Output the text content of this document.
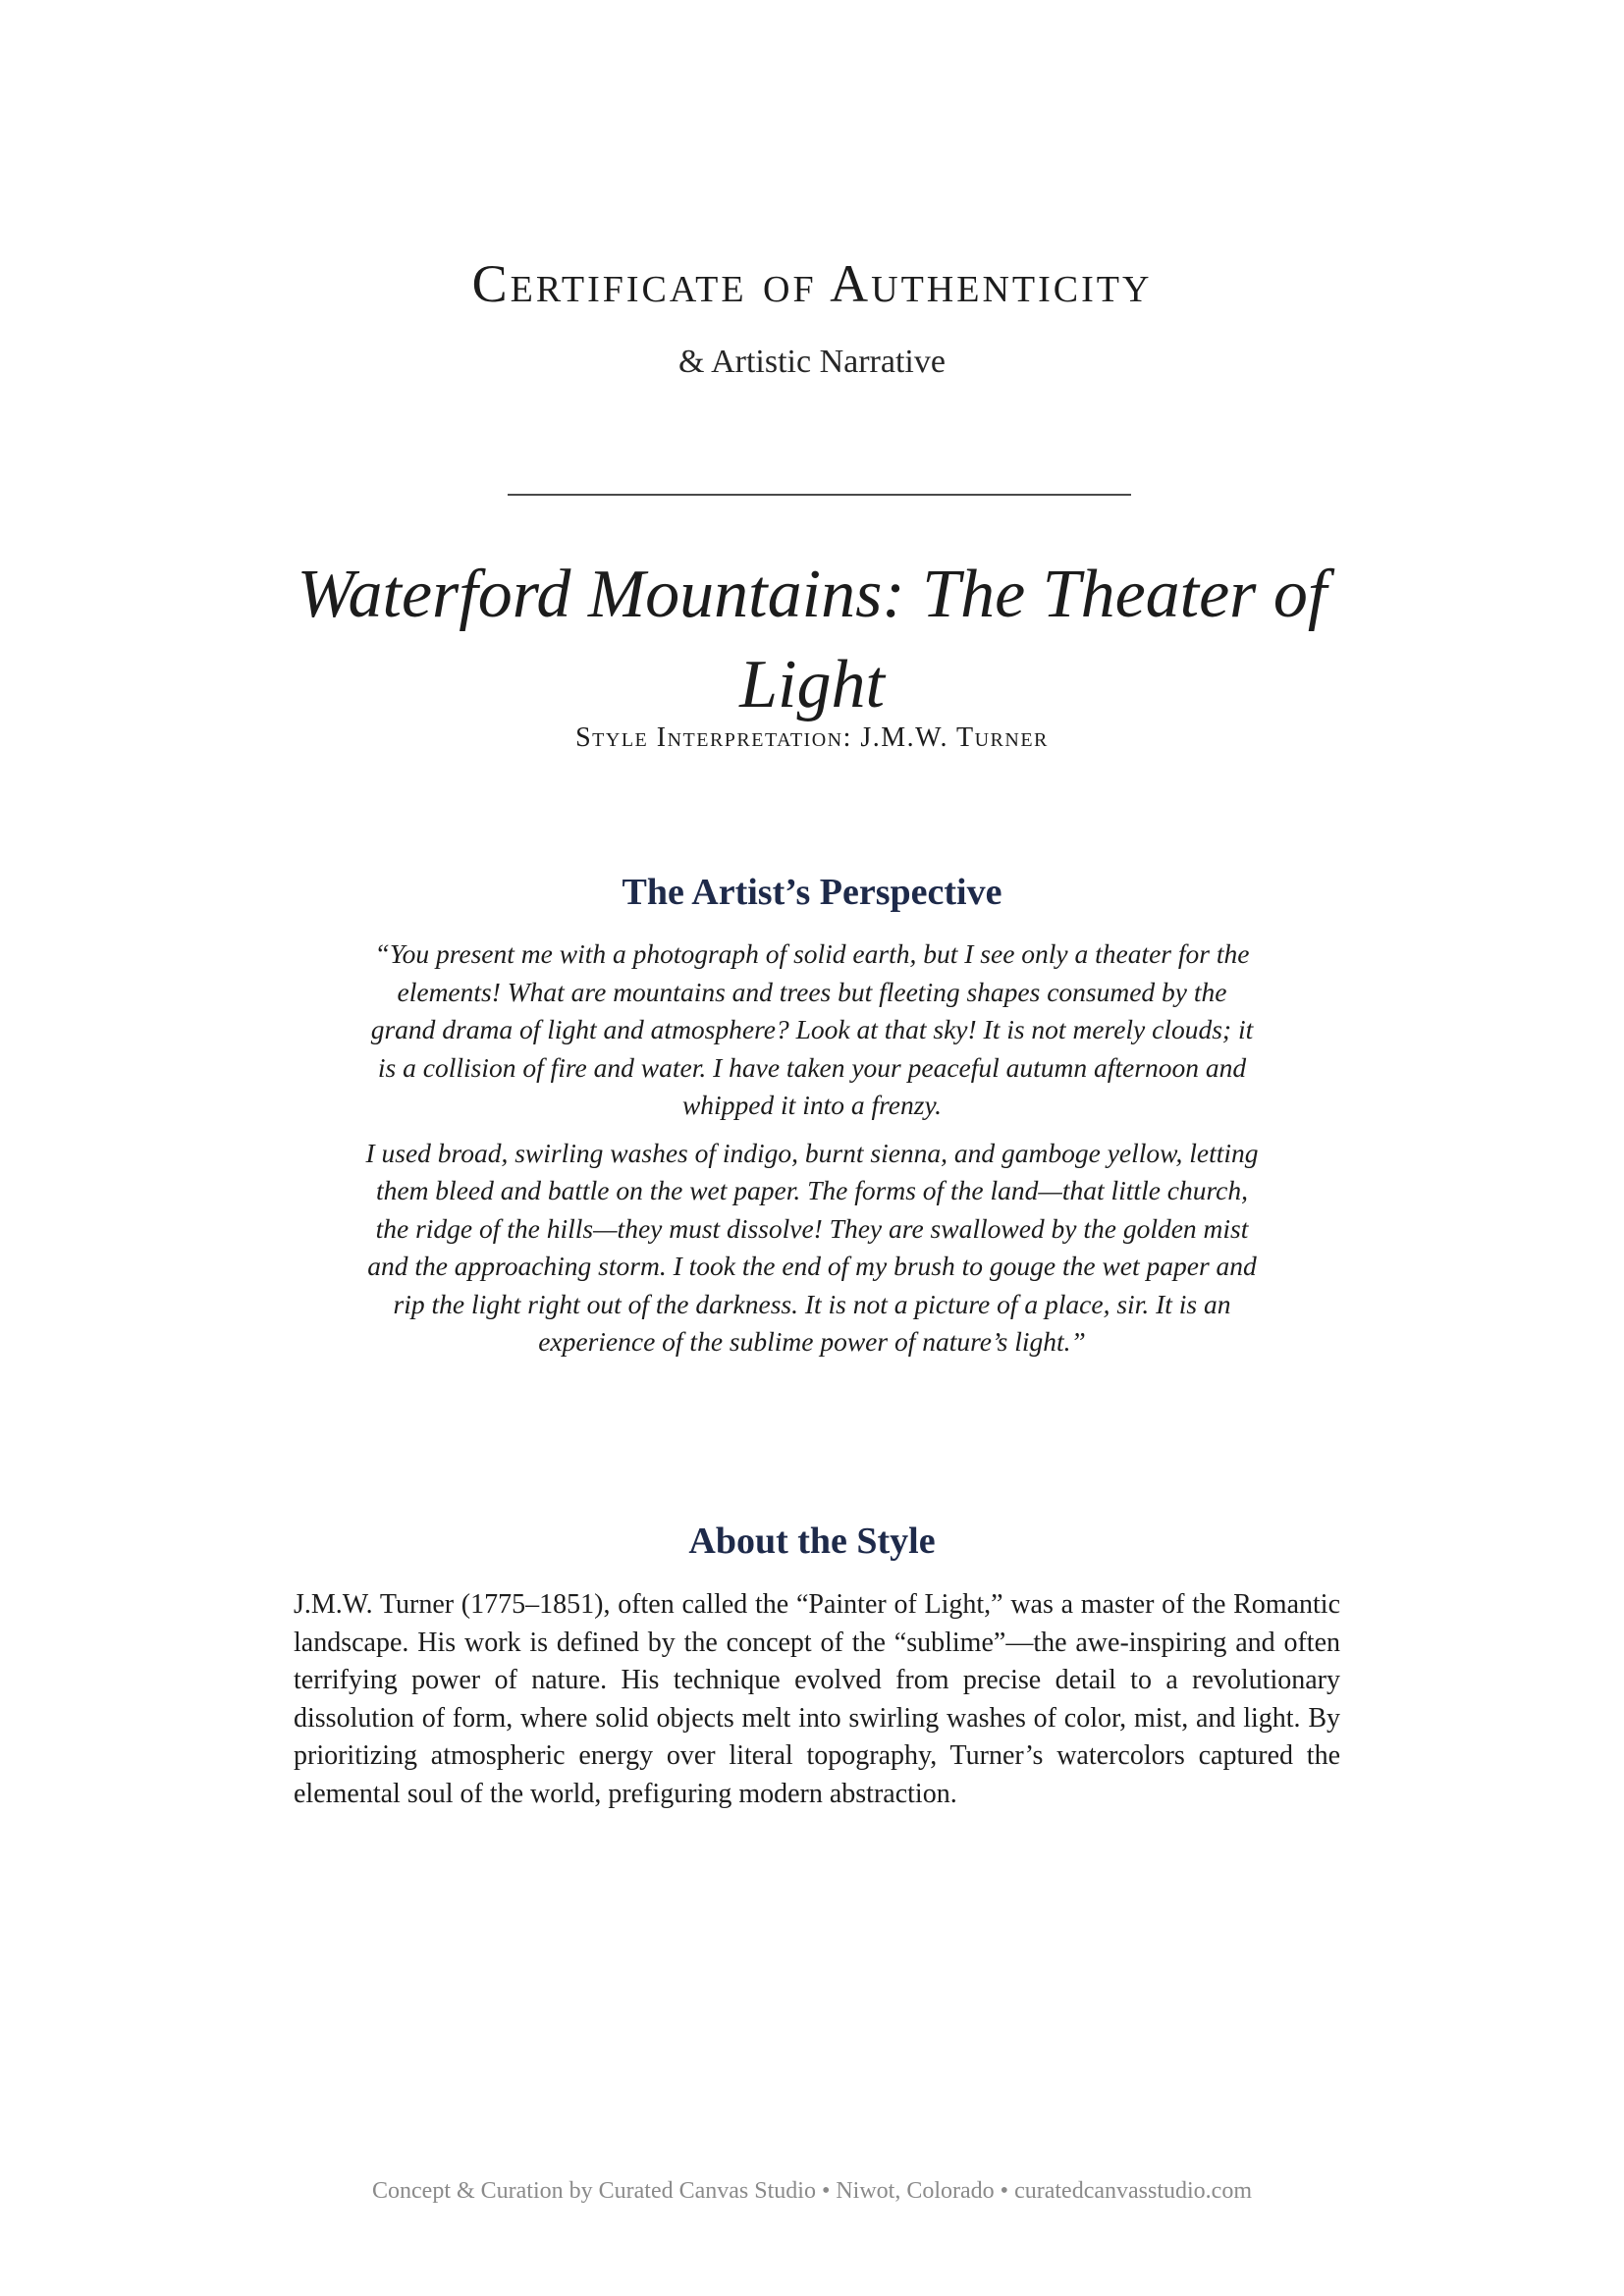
Certificate of Authenticity
& Artistic Narrative
Waterford Mountains: The Theater of Light
Style Interpretation: J.M.W. Turner
The Artist’s Perspective

“You present me with a photograph of solid earth, but I see only a theater for the elements! What are mountains and trees but fleeting shapes consumed by the grand drama of light and atmosphere? Look at that sky! It is not merely clouds; it is a collision of fire and water. I have taken your peaceful autumn afternoon and whipped it into a frenzy.

I used broad, swirling washes of indigo, burnt sienna, and gamboge yellow, letting them bleed and battle on the wet paper. The forms of the land—that little church, the ridge of the hills—they must dissolve! They are swallowed by the golden mist and the approaching storm. I took the end of my brush to gouge the wet paper and rip the light right out of the darkness. It is not a picture of a place, sir. It is an experience of the sublime power of nature’s light.”

About the Style

J.M.W. Turner (1775–1851), often called the “Painter of Light,” was a master of the Romantic landscape. His work is defined by the concept of the “sublime”—the awe-inspiring and often terrifying power of nature. His technique evolved from precise detail to a revolutionary dissolution of form, where solid objects melt into swirling washes of color, mist, and light. By prioritizing atmospheric energy over literal topography, Turner’s watercolors captured the elemental soul of the world, prefiguring modern abstraction.

Concept & Curation by Curated Canvas Studio • Niwot, Colorado • curatedcanvasstudio.com
